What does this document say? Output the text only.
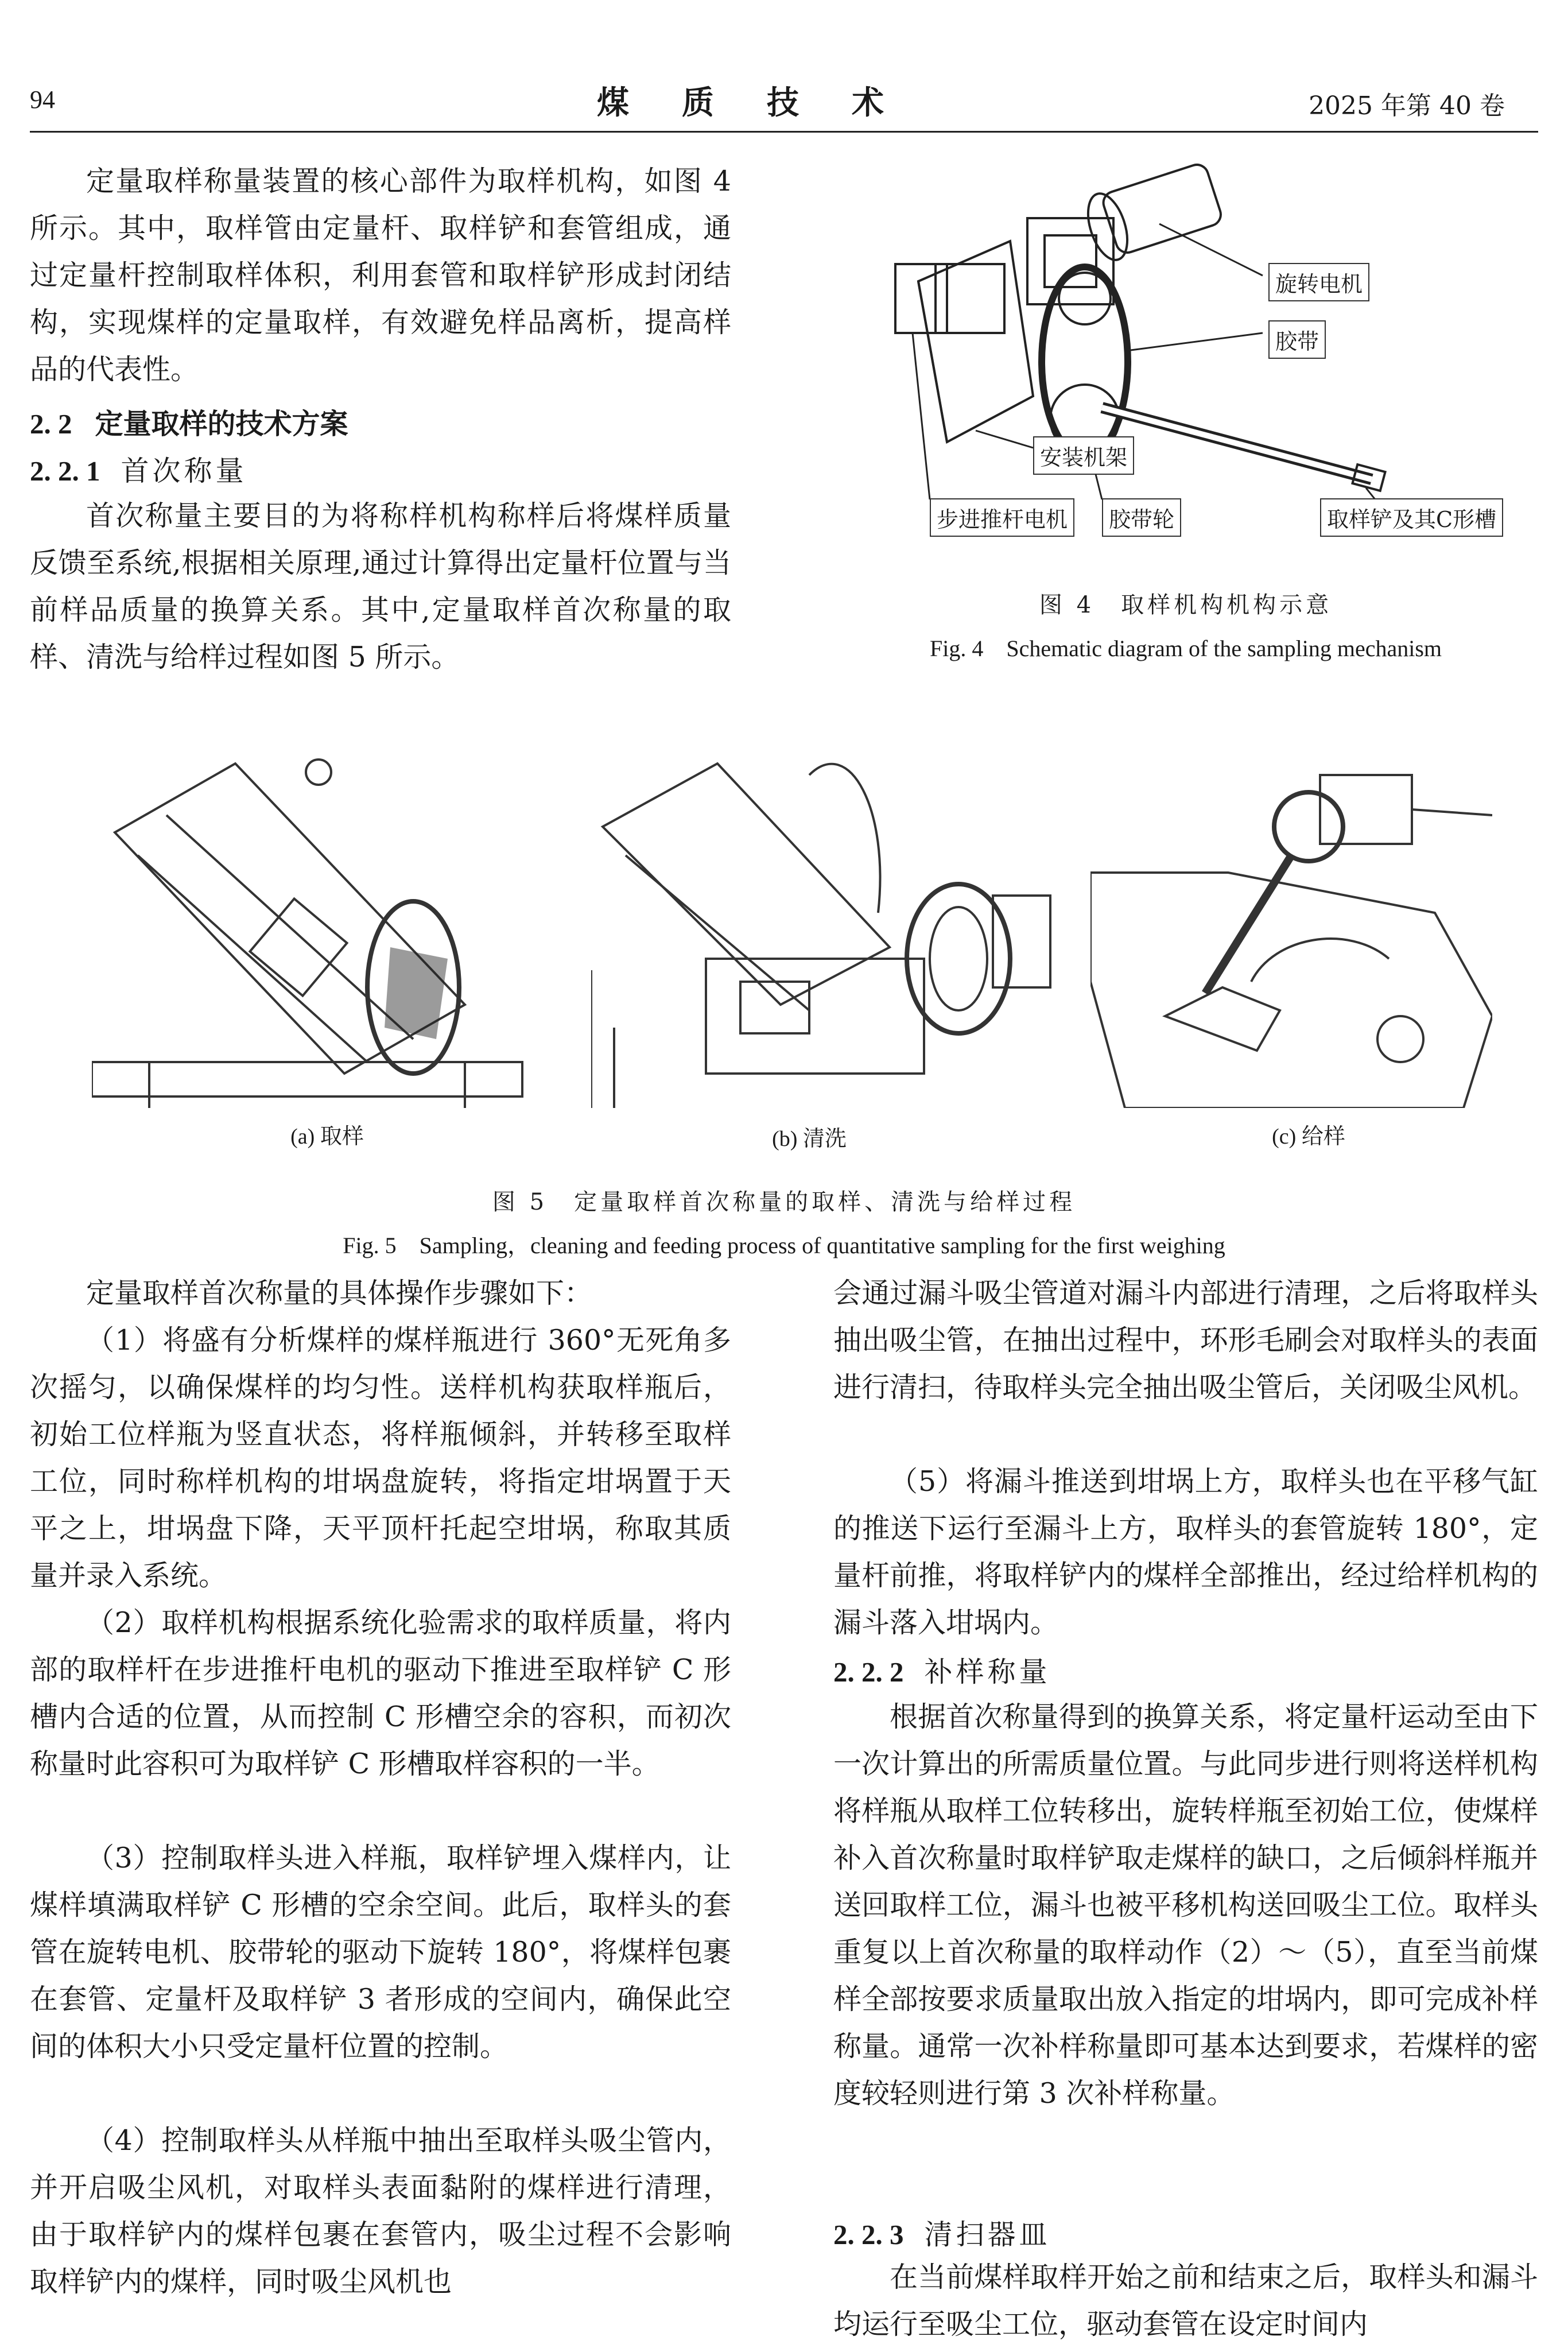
94	煤质技术	2025 年第 40 卷
定量取样称量装置的核心部件为取样机构，如图 4 所示。其中，取样管由定量杆、取样铲和套管组成，通过定量杆控制取样体积，利用套管和取样铲形成封闭结构，实现煤样的定量取样，有效避免样品离析，提高样品的代表性。
2. 2 定量取样的技术方案
2. 2. 1 首次称量
首次称量主要目的为将称样机构称样后将煤样质量反馈至系统,根据相关原理,通过计算得出定量杆位置与当前样品质量的换算关系。其中,定量取样首次称量的取样、清洗与给样过程如图 5 所示。
旋转电机
胶带
安装机架
步进推杆电机	胶带轮	取样铲及其C形槽
图 4　取样机构机构示意
Fig. 4　Schematic diagram of the sampling mechanism
(a) 取样	(b) 清洗	(c) 给样
图 5　定量取样首次称量的取样、清洗与给样过程
Fig. 5　Sampling，cleaning and feeding process of quantitative sampling for the first weighing
定量取样首次称量的具体操作步骤如下：
（1）将盛有分析煤样的煤样瓶进行 360°无死角多次摇匀，以确保煤样的均匀性。送样机构获取样瓶后，初始工位样瓶为竖直状态，将样瓶倾斜，并转移至取样工位，同时称样机构的坩埚盘旋转，将指定坩埚置于天平之上，坩埚盘下降，天平顶杆托起空坩埚，称取其质量并录入系统。
（2）取样机构根据系统化验需求的取样质量，将内部的取样杆在步进推杆电机的驱动下推进至取样铲 C 形槽内合适的位置，从而控制 C 形槽空余的容积，而初次称量时此容积可为取样铲 C 形槽取样容积的一半。
（3）控制取样头进入样瓶，取样铲埋入煤样内，让煤样填满取样铲 C 形槽的空余空间。此后，取样头的套管在旋转电机、胶带轮的驱动下旋转 180°，将煤样包裹在套管、定量杆及取样铲 3 者形成的空间内，确保此空间的体积大小只受定量杆位置的控制。
（4）控制取样头从样瓶中抽出至取样头吸尘管内，并开启吸尘风机，对取样头表面黏附的煤样进行清理，由于取样铲内的煤样包裹在套管内，吸尘过程不会影响取样铲内的煤样，同时吸尘风机也
会通过漏斗吸尘管道对漏斗内部进行清理，之后将取样头抽出吸尘管，在抽出过程中，环形毛刷会对取样头的表面进行清扫，待取样头完全抽出吸尘管后，关闭吸尘风机。
（5）将漏斗推送到坩埚上方，取样头也在平移气缸的推送下运行至漏斗上方，取样头的套管旋转 180°，定量杆前推，将取样铲内的煤样全部推出，经过给样机构的漏斗落入坩埚内。
2. 2. 2 补样称量
根据首次称量得到的换算关系，将定量杆运动至由下一次计算出的所需质量位置。与此同步进行则将送样机构将样瓶从取样工位转移出，旋转样瓶至初始工位，使煤样补入首次称量时取样铲取走煤样的缺口，之后倾斜样瓶并送回取样工位，漏斗也被平移机构送回吸尘工位。取样头重复以上首次称量的取样动作（2）～（5），直至当前煤样全部按要求质量取出放入指定的坩埚内，即可完成补样称量。通常一次补样称量即可基本达到要求，若煤样的密度较轻则进行第 3 次补样称量。
2. 2. 3 清扫器皿
在当前煤样取样开始之前和结束之后，取样头和漏斗均运行至吸尘工位，驱动套管在设定时间内
